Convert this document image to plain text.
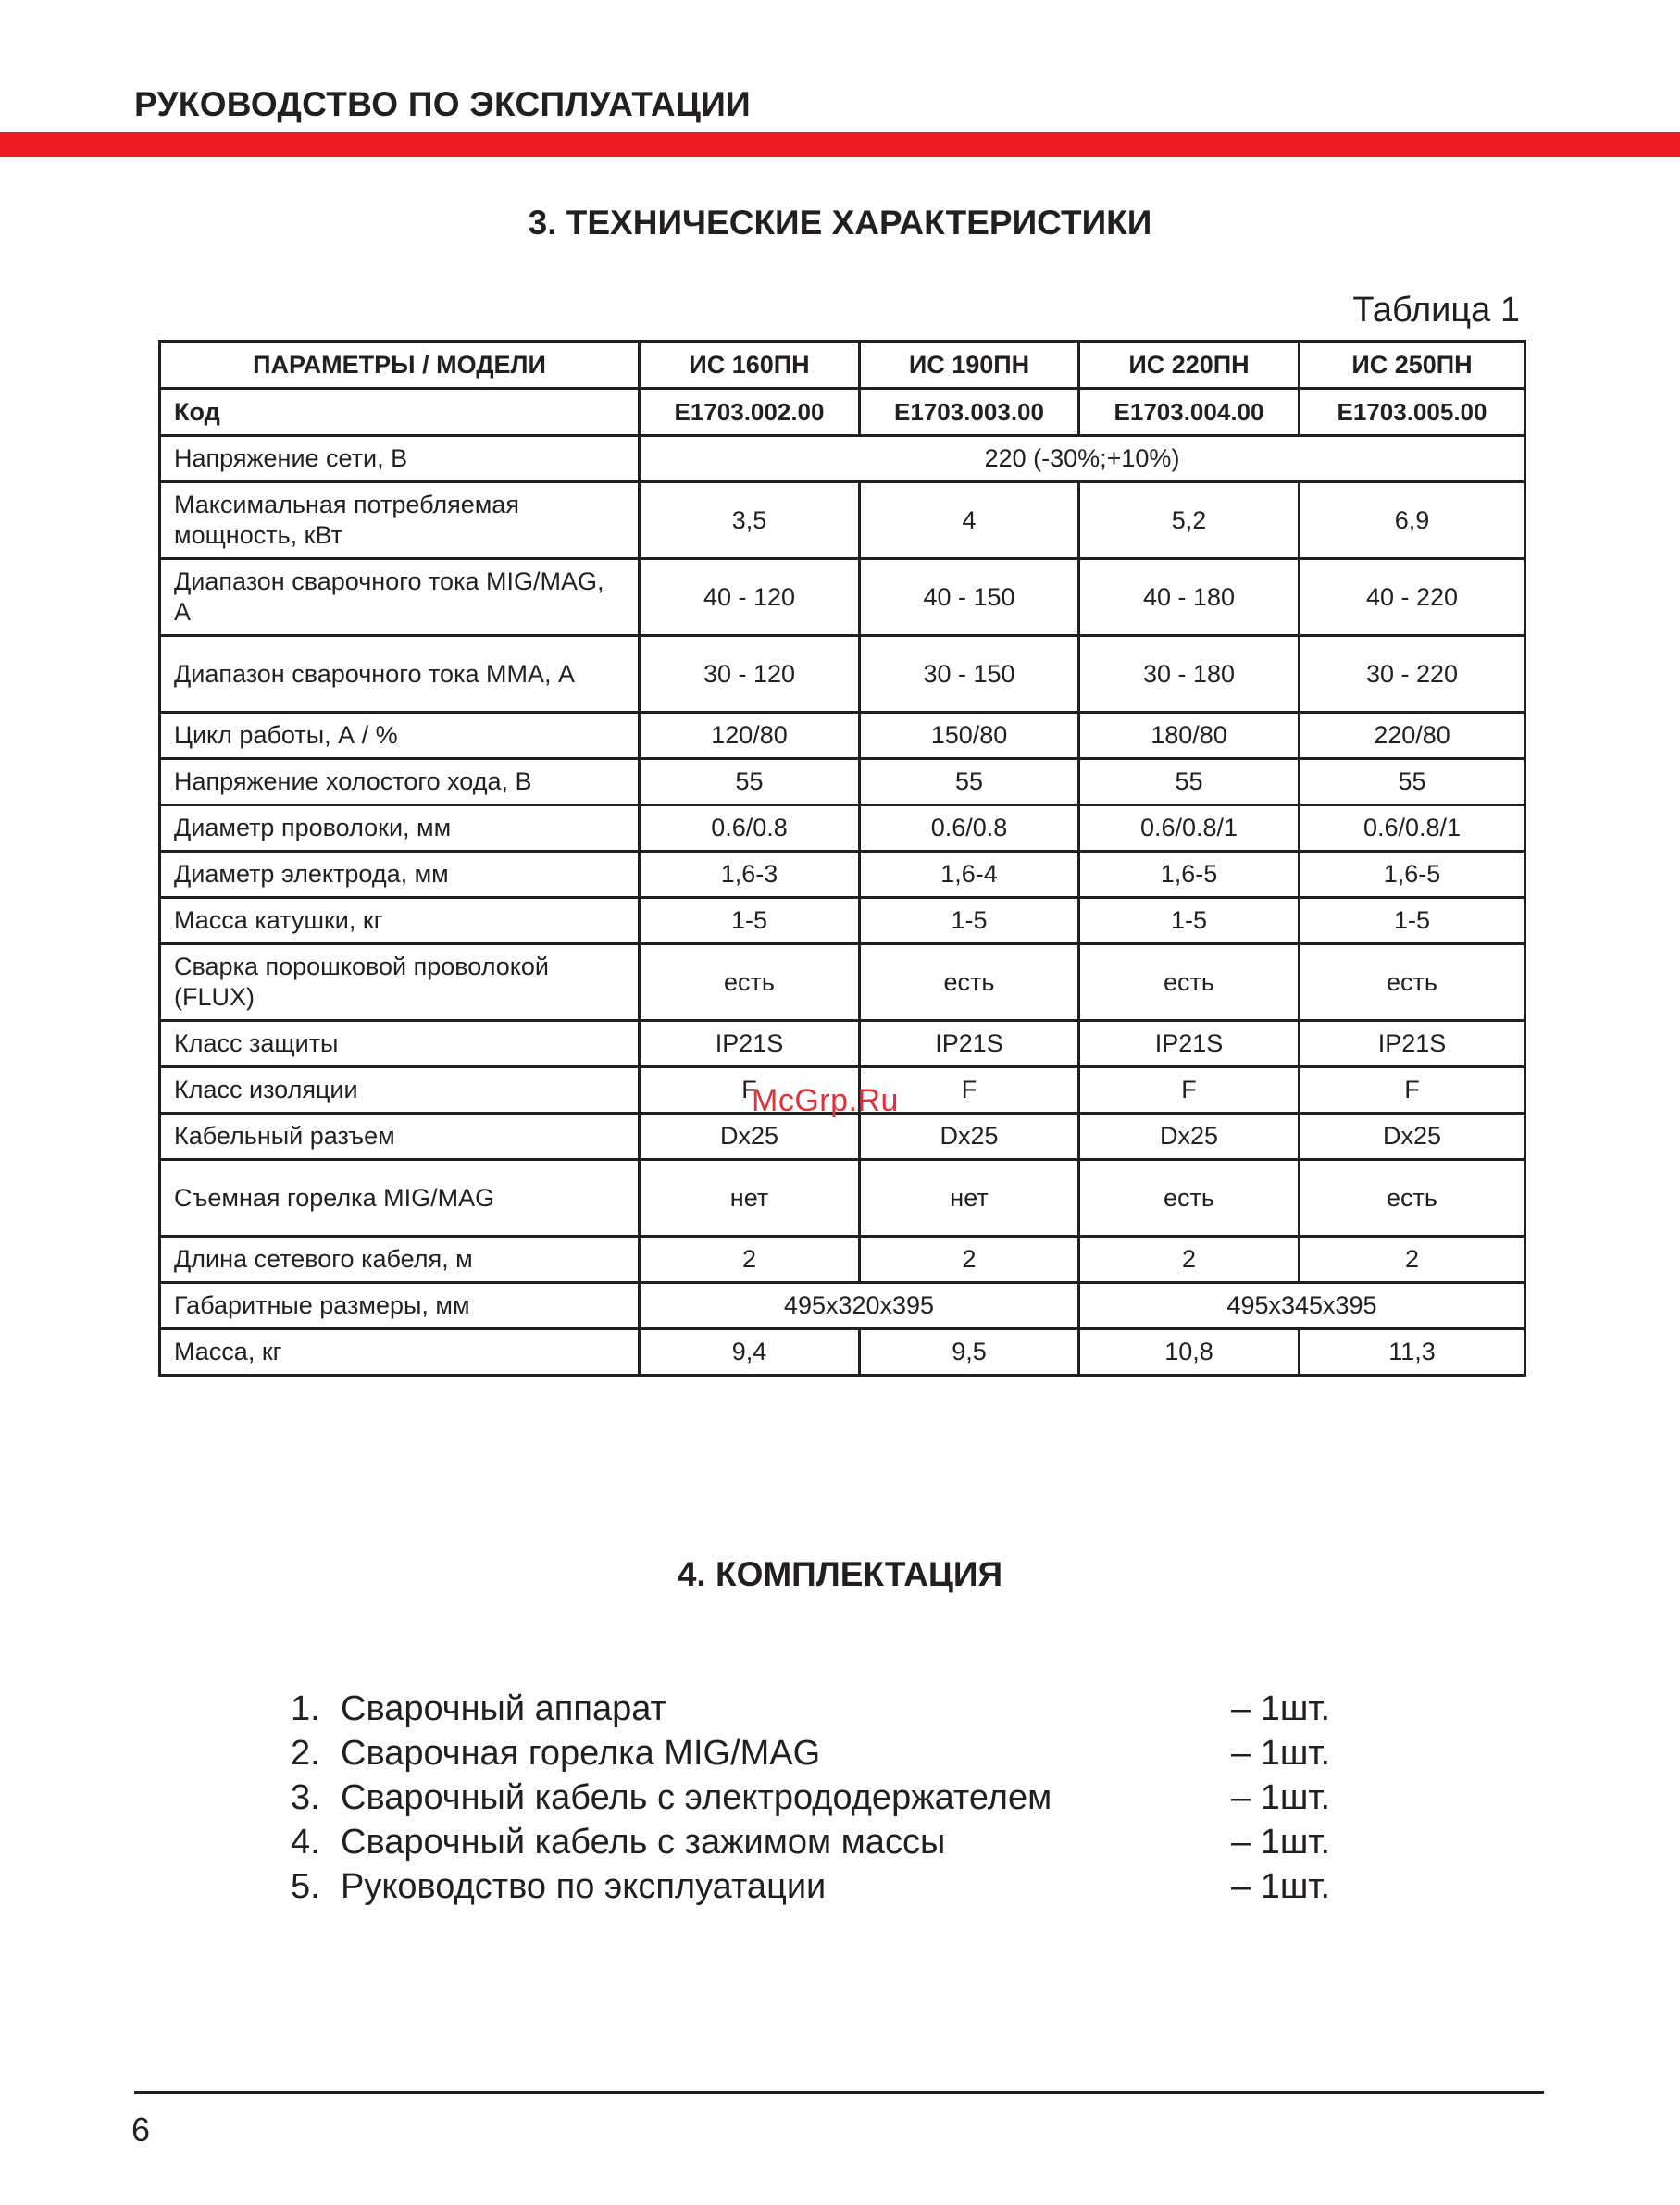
РУКОВОДСТВО ПО ЭКСПЛУАТАЦИИ
3. ТЕХНИЧЕСКИЕ ХАРАКТЕРИСТИКИ
Таблица 1
ПАРАМЕТРЫ / МОДЕЛИ	ИС 160ПН	ИС 190ПН	ИС 220ПН	ИС 250ПН
Код	E1703.002.00	E1703.003.00	E1703.004.00	E1703.005.00
Напряжение сети, В	220 (-30%;+10%)			
Максимальная потребляемая мощность, кВт	3,5	4	5,2	6,9
Диапазон сварочного тока MIG/MAG, А	40 - 120	40 - 150	40 - 180	40 - 220
Диапазон сварочного тока MMA, А	30 - 120	30 - 150	30 - 180	30 - 220
Цикл работы, А / %	120/80	150/80	180/80	220/80
Напряжение холостого хода, В	55	55	55	55
Диаметр проволоки, мм	0.6/0.8	0.6/0.8	0.6/0.8/1	0.6/0.8/1
Диаметр электрода, мм	1,6-3	1,6-4	1,6-5	1,6-5
Масса катушки, кг	1-5	1-5	1-5	1-5
Сварка порошковой проволокой (FLUX)	есть	есть	есть	есть
Класс защиты	IP21S	IP21S	IP21S	IP21S
Класс изоляции	F	F	F	F
Кабельный разъем	Dx25	Dx25	Dx25	Dx25
Съемная горелка MIG/MAG	нет	нет	есть	есть
Длина сетевого кабеля, м	2	2	2	2
Габаритные размеры, мм	495x320x395		495x345x395	
Масса, кг	9,4	9,5	10,8	11,3
McGrp.Ru
4. КОМПЛЕКТАЦИЯ
1. Сварочный аппарат	– 1шт.
2. Сварочная горелка MIG/MAG	– 1шт.
3. Сварочный кабель с электрододержателем	– 1шт.
4. Сварочный кабель с зажимом массы	– 1шт.
5. Руководство по эксплуатации	– 1шт.
6
